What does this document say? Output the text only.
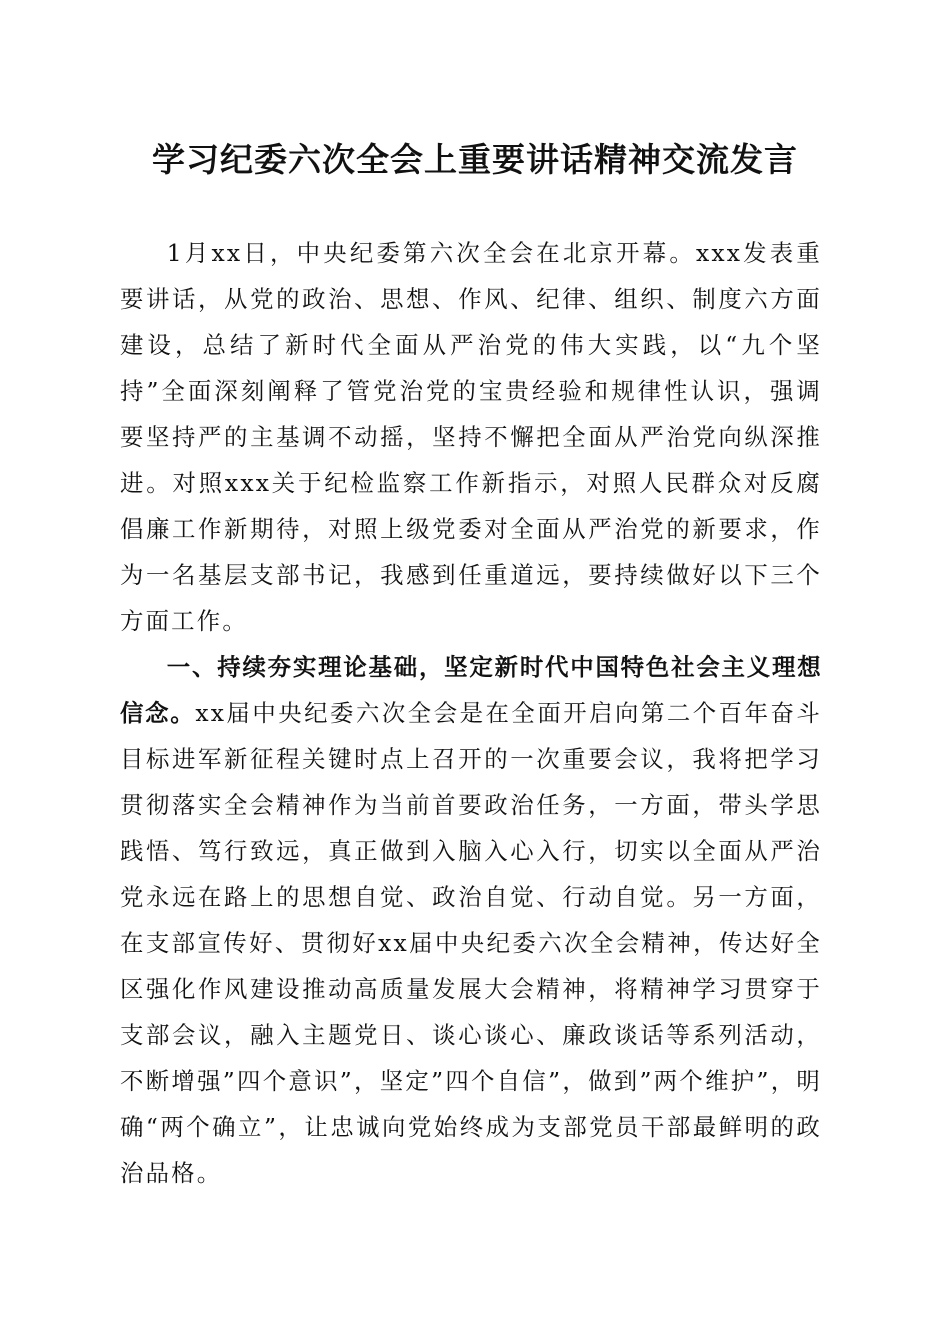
学习纪委六次全会上重要讲话精神交流发言

1月xx日，中央纪委第六次全会在北京开幕。xxx发表重要讲话，从党的政治、思想、作风、纪律、组织、制度六方面建设，总结了新时代全面从严治党的伟大实践，以“九个坚持”全面深刻阐释了管党治党的宝贵经验和规律性认识，强调要坚持严的主基调不动摇，坚持不懈把全面从严治党向纵深推进。对照xxx关于纪检监察工作新指示，对照人民群众对反腐倡廉工作新期待，对照上级党委对全面从严治党的新要求，作为一名基层支部书记，我感到任重道远，要持续做好以下三个方面工作。

一、持续夯实理论基础，坚定新时代中国特色社会主义理想信念。xx届中央纪委六次全会是在全面开启向第二个百年奋斗目标进军新征程关键时点上召开的一次重要会议，我将把学习贯彻落实全会精神作为当前首要政治任务，一方面，带头学思践悟、笃行致远，真正做到入脑入心入行，切实以全面从严治党永远在路上的思想自觉、政治自觉、行动自觉。另一方面，在支部宣传好、贯彻好xx届中央纪委六次全会精神，传达好全区强化作风建设推动高质量发展大会精神，将精神学习贯穿于支部会议，融入主题党日、谈心谈心、廉政谈话等系列活动，不断增强”四个意识”，坚定”四个自信”，做到”两个维护”，明确“两个确立”，让忠诚向党始终成为支部党员干部最鲜明的政治品格。
